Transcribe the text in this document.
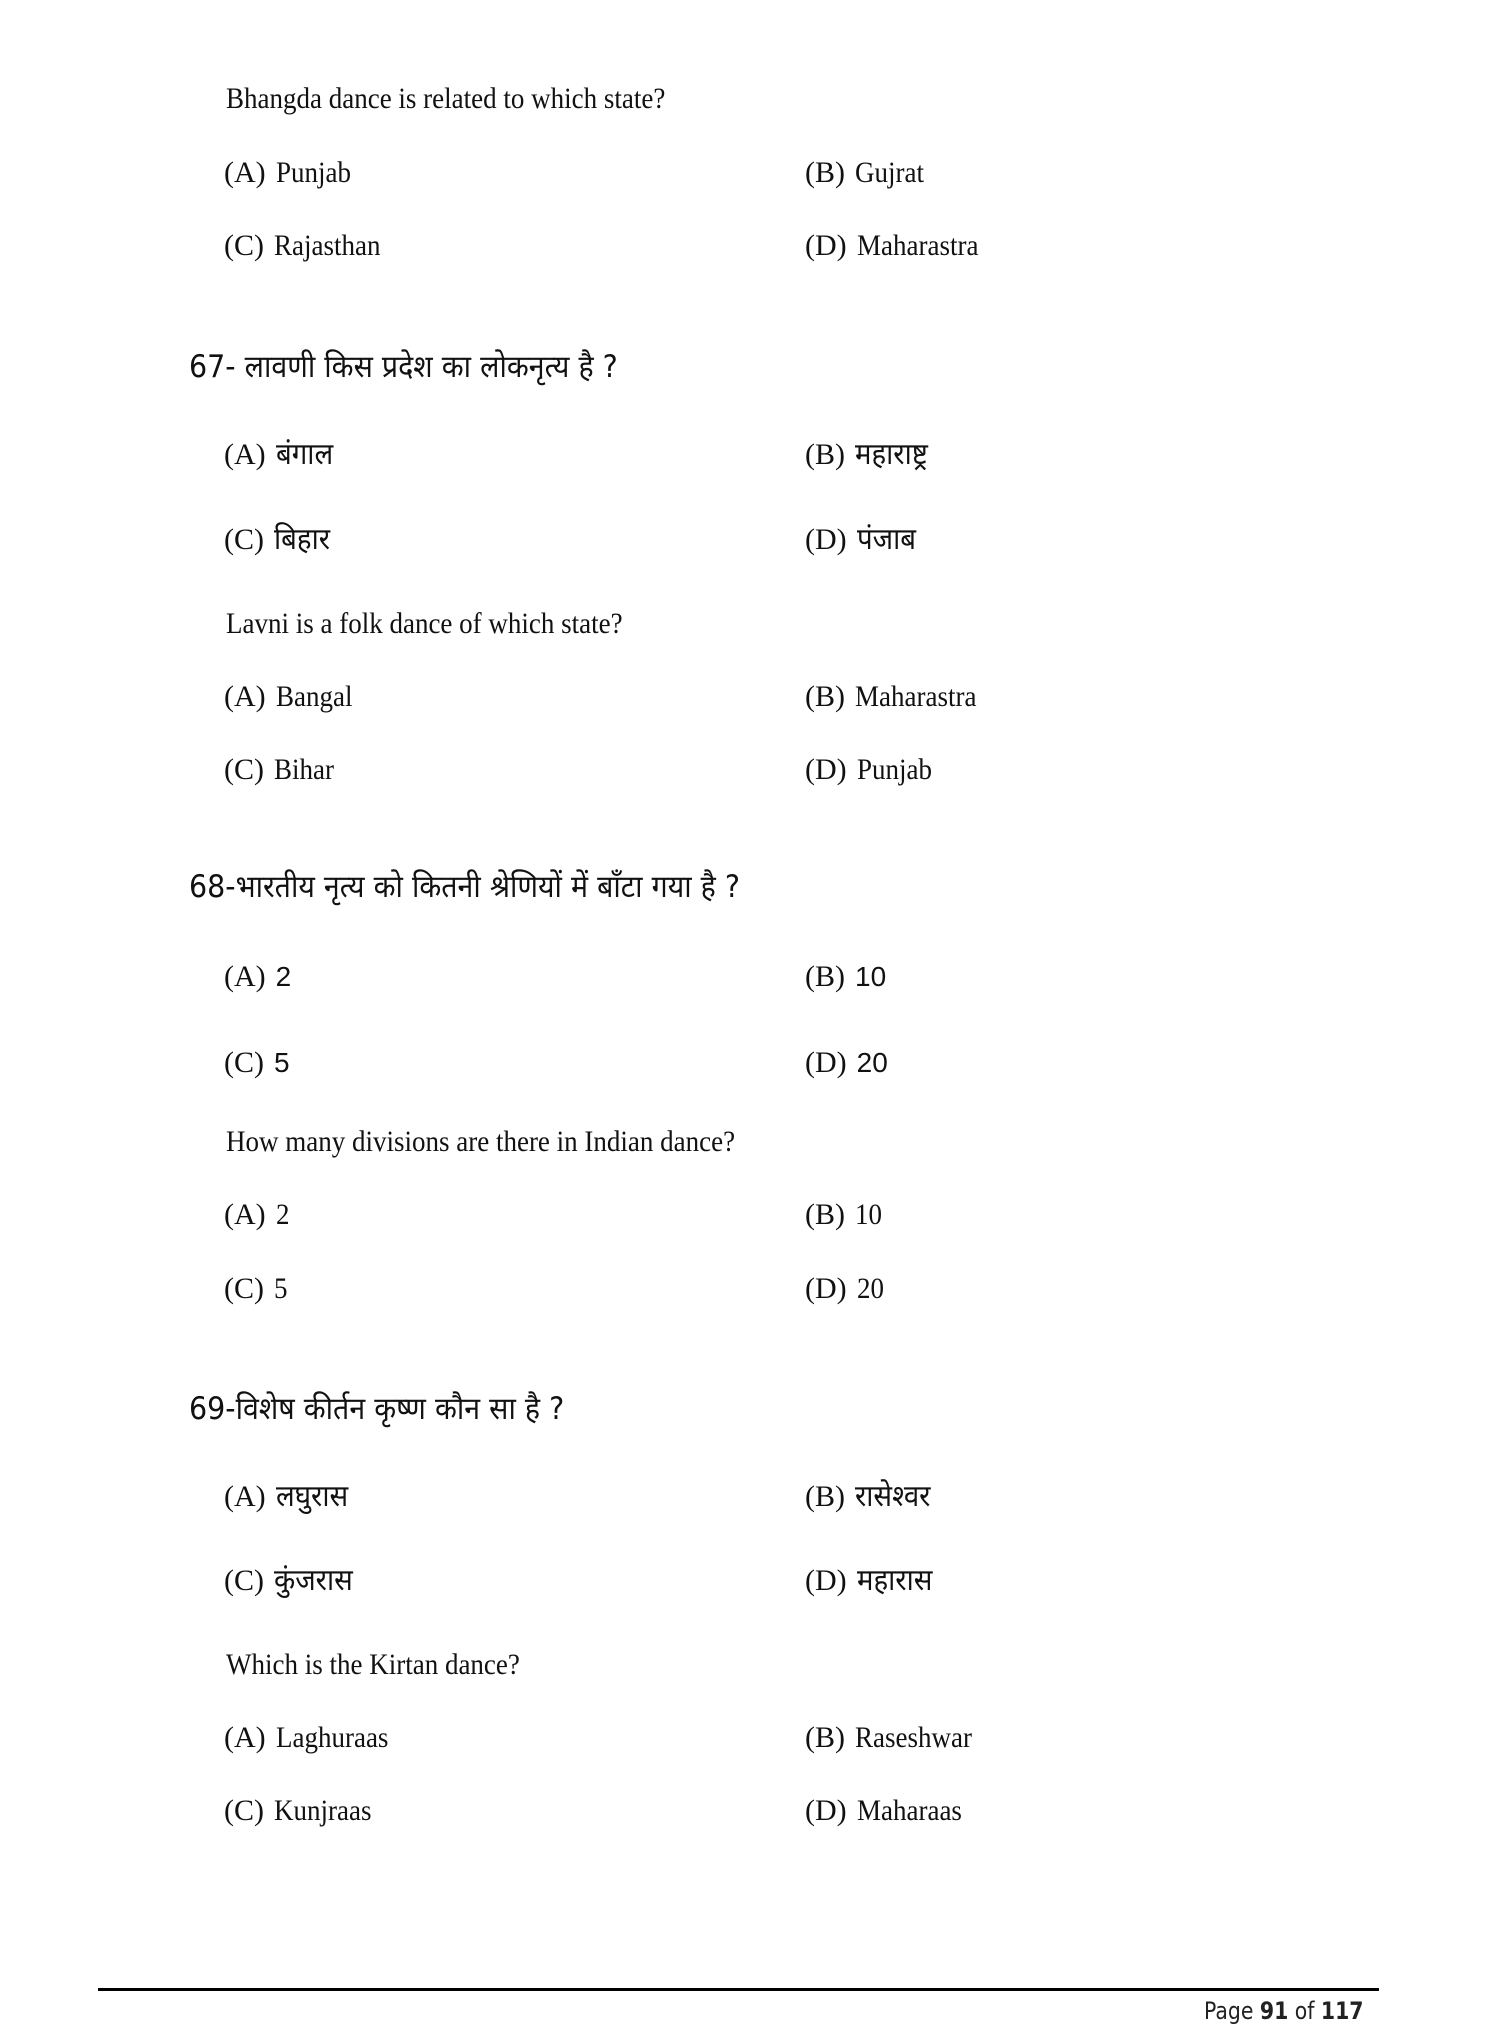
Bhangda dance is related to which state?
(A) Punjab	(B) Gujrat
(C) Rajasthan	(D) Maharastra
67- लावणी किस प्रदेश का लोकनृत्य है ?
(A) बंगाल	(B) महाराष्ट्र
(C) बिहार	(D) पंजाब
Lavni is a folk dance of which state?
(A) Bangal	(B) Maharastra
(C) Bihar	(D) Punjab
68-भारतीय नृत्य को कितनी श्रेणियों में बाँटा गया है ?
(A) 2	(B) 10
(C) 5	(D) 20
How many divisions are there in Indian dance?
(A) 2	(B) 10
(C) 5	(D) 20
69-विशेष कीर्तन कृष्ण कौन सा है ?
(A) लघुरास	(B) रासेश्वर
(C) कुंजरास	(D) महारास
Which is the Kirtan dance?
(A) Laghuraas	(B) Raseshwar
(C) Kunjraas	(D) Maharaas
Page 91 of 117
